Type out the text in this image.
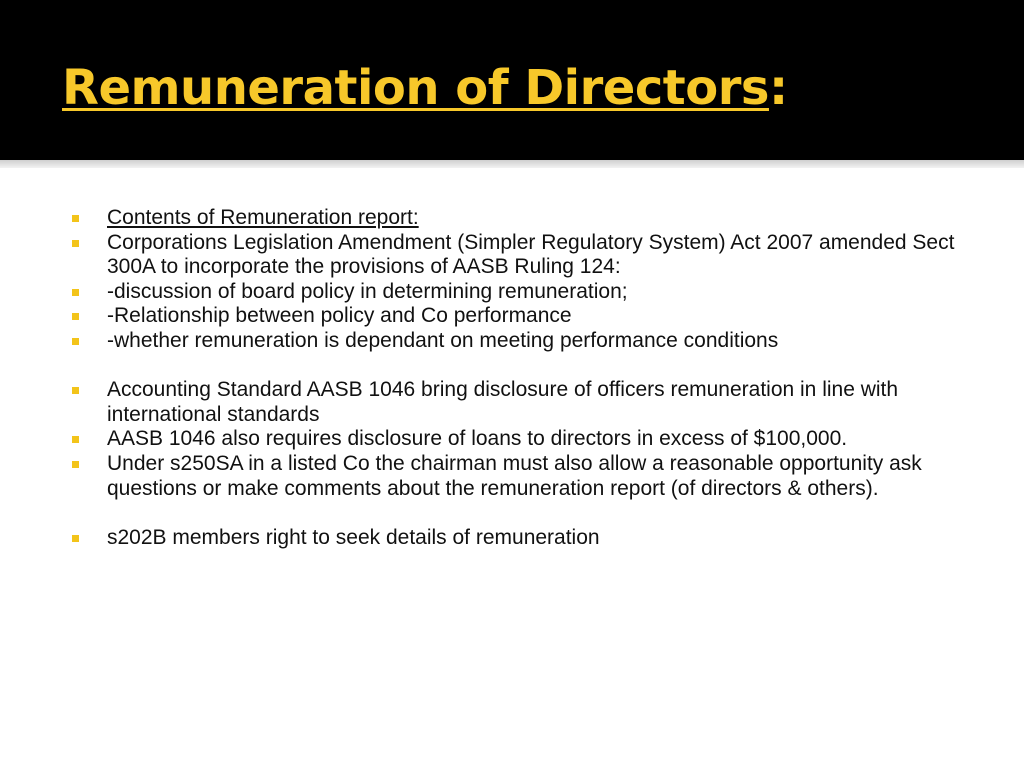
Remuneration of Directors:
Contents of Remuneration report:
Corporations Legislation Amendment (Simpler Regulatory System) Act 2007 amended Sect 300A to incorporate the provisions of AASB Ruling 124:
-discussion of board policy in determining remuneration;
-Relationship between policy and Co performance
-whether remuneration is dependant on meeting performance conditions
Accounting Standard AASB 1046 bring disclosure of officers remuneration in line with international standards
AASB 1046 also requires disclosure of loans to directors in excess of $100,000.
Under s250SA in a listed Co the chairman must also allow a reasonable opportunity ask questions or make comments about the remuneration report (of directors & others).
s202B members right to seek details of remuneration
